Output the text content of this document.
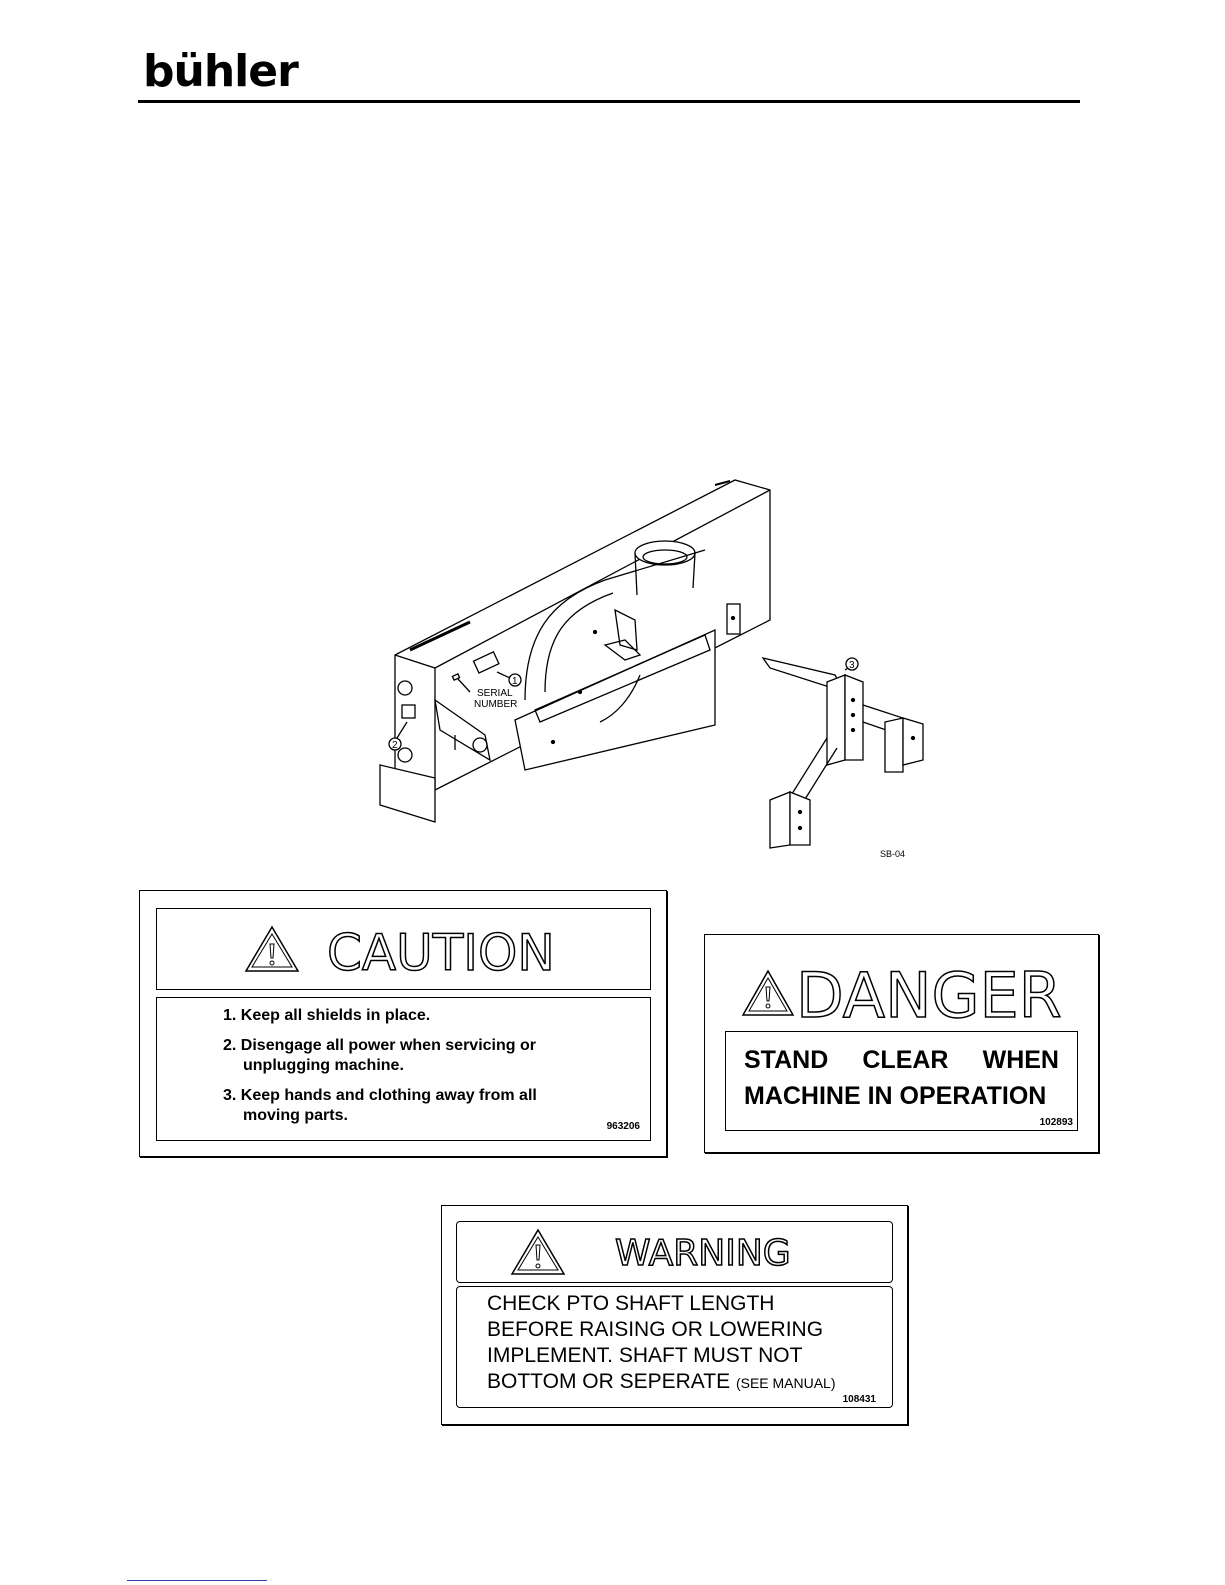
bühler
1
2
SERIAL
NUMBER
3
SB-04
CAUTION
1. Keep all shields in place.
2. Disengage all power when servicing or
unplugging machine.
3. Keep hands and clothing away from all
moving parts.
963206
DANGER
STAND CLEAR WHEN
MACHINE IN OPERATION
102893
WARNING
CHECK PTO SHAFT LENGTH
BEFORE RAISING OR LOWERING
IMPLEMENT. SHAFT MUST NOT
BOTTOM OR SEPERATE (SEE MANUAL)
108431
